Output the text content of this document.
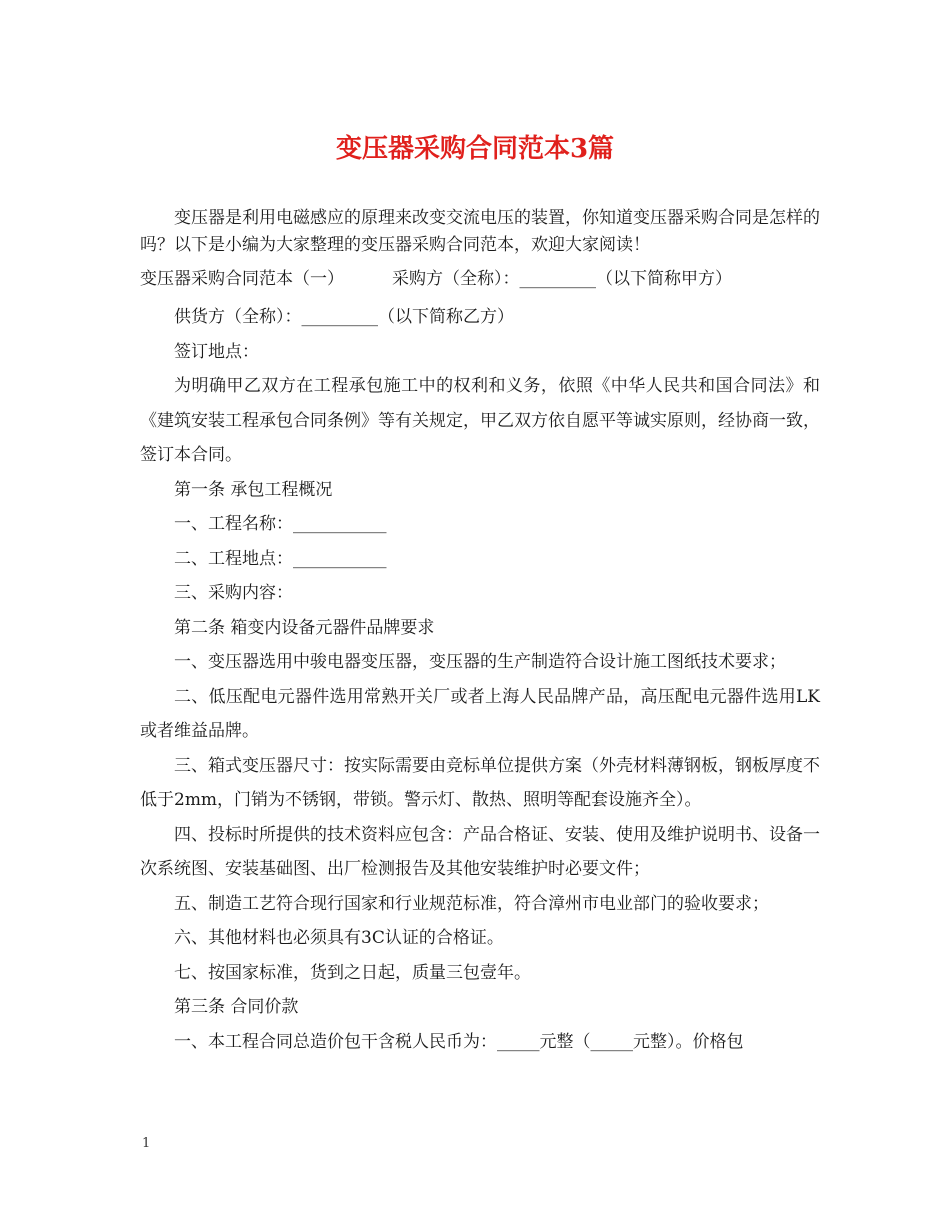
变压器采购合同范本3篇

变压器是利用电磁感应的原理来改变交流电压的装置，你知道变压器采购合同是怎样的吗？以下是小编为大家整理的变压器采购合同范本，欢迎大家阅读！

变压器采购合同范本（一）	采购方（全称）：_________（以下简称甲方）

供货方（全称）：_________（以下简称乙方）

签订地点：

为明确甲乙双方在工程承包施工中的权利和义务，依照《中华人民共和国合同法》和《建筑安装工程承包合同条例》等有关规定，甲乙双方依自愿平等诚实原则，经协商一致，签订本合同。

第一条 承包工程概况

一、工程名称：___________

二、工程地点：___________

三、采购内容：

第二条 箱变内设备元器件品牌要求

一、变压器选用中骏电器变压器，变压器的生产制造符合设计施工图纸技术要求；

二、低压配电元器件选用常熟开关厂或者上海人民品牌产品，高压配电元器件选用LK或者维益品牌。

三、箱式变压器尺寸：按实际需要由竞标单位提供方案（外壳材料薄钢板，钢板厚度不低于2mm，门销为不锈钢，带锁。警示灯、散热、照明等配套设施齐全）。

四、投标时所提供的技术资料应包含：产品合格证、安装、使用及维护说明书、设备一次系统图、安装基础图、出厂检测报告及其他安装维护时必要文件；

五、制造工艺符合现行国家和行业规范标准，符合漳州市电业部门的验收要求；

六、其他材料也必须具有3C认证的合格证。

七、按国家标准，货到之日起，质量三包壹年。

第三条 合同价款

一、本工程合同总造价包干含税人民币为：_____元整（_____元整）。价格包

1
